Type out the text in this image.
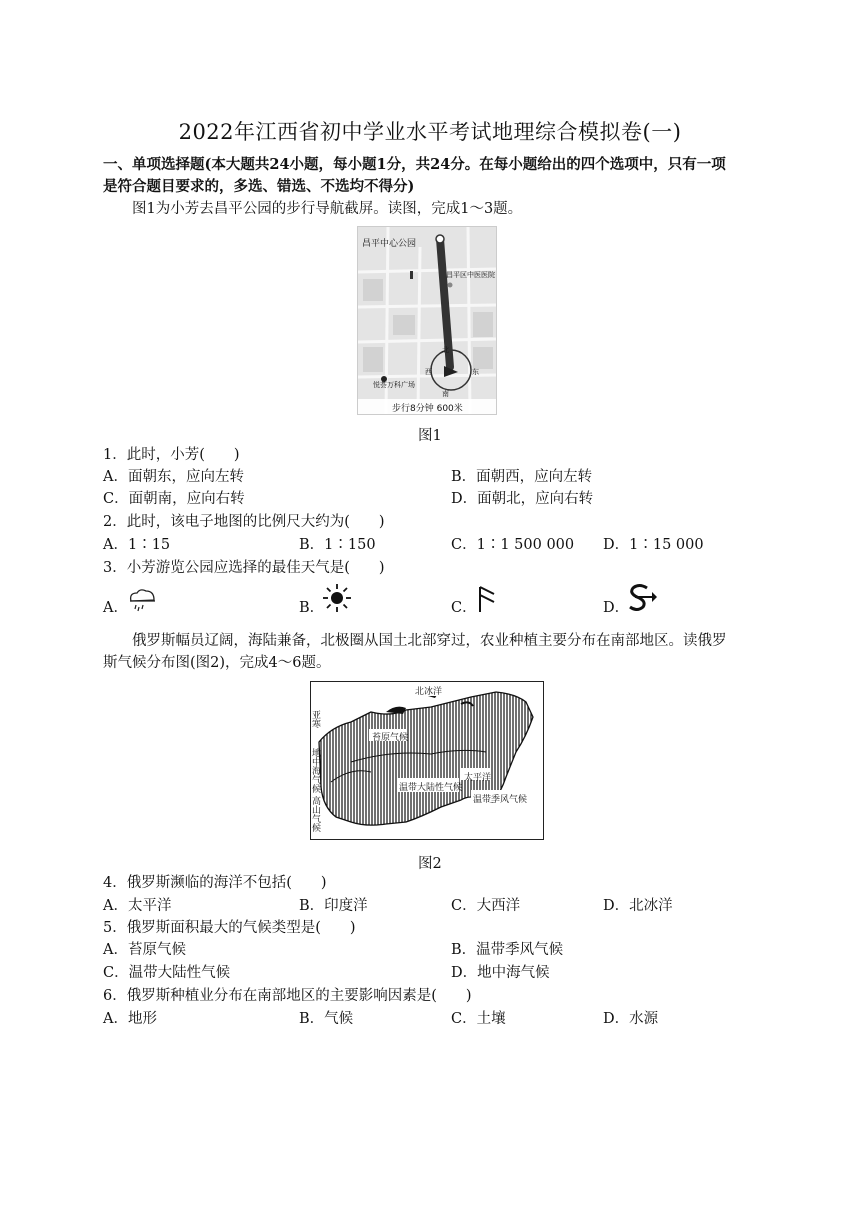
2022年江西省初中学业水平考试地理综合模拟卷(一)
一、单项选择题(本大题共24小题，每小题1分，共24分。在每小题给出的四个选项中，只有一项
是符合题目要求的，多选、错选、不选均不得分)
图1为小芳去昌平公园的步行导航截屏。读图，完成1～3题。
昌平中心公园
昌平区中医医院
悦荟万科广场
北
南
西	东
步行8分钟 600米
图1
1．此时，小芳(　　)
A．面朝东，应向左转	B．面朝西，应向左转
C．面朝南，应向右转	D．面朝北，应向右转
2．此时，该电子地图的比例尺大约为(　　)
A．1∶15	B．1∶150	C．1∶1 500 000 D．1∶15 000
3．小芳游览公园应选择的最佳天气是(　　)
A．	B．	C．	D．
俄罗斯幅员辽阔，海陆兼备，北极圈从国土北部穿过，农业种植主要分布在南部地区。读俄罗
斯气候分布图(图2)，完成4～6题。
北冰洋
苔原气候
温带大陆性气候
太平洋
温带季风气候
地中海气候
高山气候
亚寒
图2
4．俄罗斯濒临的海洋不包括(　　)
A．太平洋	B．印度洋	C．大西洋	D．北冰洋
5．俄罗斯面积最大的气候类型是(　　)
A．苔原气候	B．温带季风气候
C．温带大陆性气候	D．地中海气候
6．俄罗斯种植业分布在南部地区的主要影响因素是(　　)
A．地形	B．气候	C．土壤	D．水源
